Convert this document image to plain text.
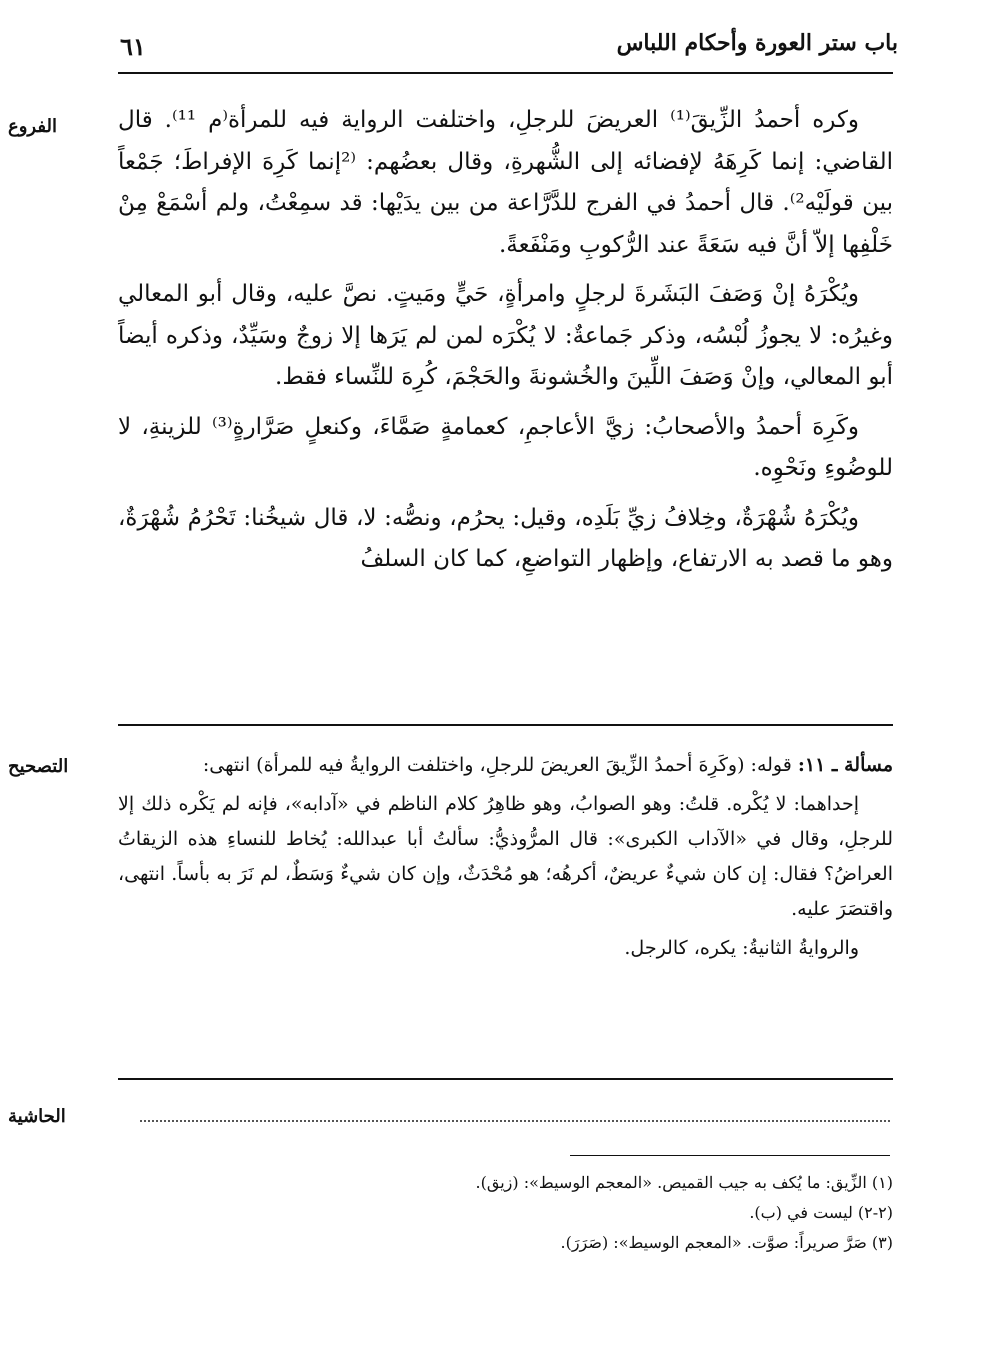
باب ستر العورة وأحكام اللباس
٦١
الفروع	وكره أحمدُ الزِّيقَ⁽¹⁾ العريضَ للرجلِ، واختلفت الرواية فيه للمرأة⁽م ¹¹⁾. قال القاضي: إنما كَرِهَهُ لإفضائه إلى الشُّهرةِ، وقال بعضُهم: ⁽²إنما كَرِهَ الإفراطَ؛ جَمْعاً بين قولَيْه²⁾. قال أحمدُ في الفرج للدَّرَّاعة من بين يدَيْها: قد سمِعْتُ، ولم أسْمَعْ مِنْ خَلْفِها إلاّ أنَّ فيه سَعَةً عند الرُّكوبِ ومَنْفَعةً.

ويُكْرَهُ إنْ وَصَفَ البَشَرةَ لرجلٍ وامرأةٍ، حَيٍّ ومَيتٍ. نصَّ عليه، وقال أبو المعالي وغيرُه: لا يجوزُ لُبْسُه، وذكر جَماعةٌ: لا يُكْرَه لمن لم يَرَها إلا زوجٌ وسَيِّدٌ، وذكره أيضاً أبو المعالي، وإنْ وَصَفَ اللِّينَ والخُشونةَ والحَجْمَ، كُرِهَ للنِّساء فقط.

وكَرِهَ أحمدُ والأصحابُ: زيَّ الأعاجمِ، كعمامةٍ صَمَّاءَ، وكنعلٍ صَرَّارةٍ⁽³⁾ للزينةِ، لا للوضُوءِ ونَحْوِه.

ويُكْرَهُ شُهْرَةٌ، وخِلافُ زيِّ بَلَدِه، وقيل: يحرُم، ونصُّه: لا، قال شيخُنا: تَحْرُمُ شُهْرَةٌ، وهو ما قصد به الارتفاع، وإظهار التواضعِ، كما كان السلفُ

التصحيح	مسألة ـ ١١: قوله: (وكَرِهَ أحمدُ الزِّيقَ العريضَ للرجلِ، واختلفت الروايةُ فيه للمرأة) انتهى:

إحداهما: لا يُكْره. قلتُ: وهو الصوابُ، وهو ظاهِرُ كلام الناظم في «آدابه»، فإنه لم يَكْره ذلك إلا للرجلِ، وقال في «الآداب الكبرى»: قال المرُّوذيُّ: سألتُ أبا عبدالله: يُخاط للنساءِ هذه الزيقاتُ العراضُ؟ فقال: إن كان شيءٌ عريضٌ، أكرهُه؛ هو مُحْدَثٌ، وإن كان شيءٌ وَسَطٌ، لم نَرَ به بأساً. انتهى، واقتصَرَ عليه.

والروايةُ الثانيةُ: يكره، كالرجل.

الحاشية
(١) الزِّيق: ما يُكف به جيب القميص. «المعجم الوسيط»: (زيق).
(٢-٢) ليست في (ب).
(٣) صَرَّ صريراً: صوَّت. «المعجم الوسيط»: (صَرَرَ).
